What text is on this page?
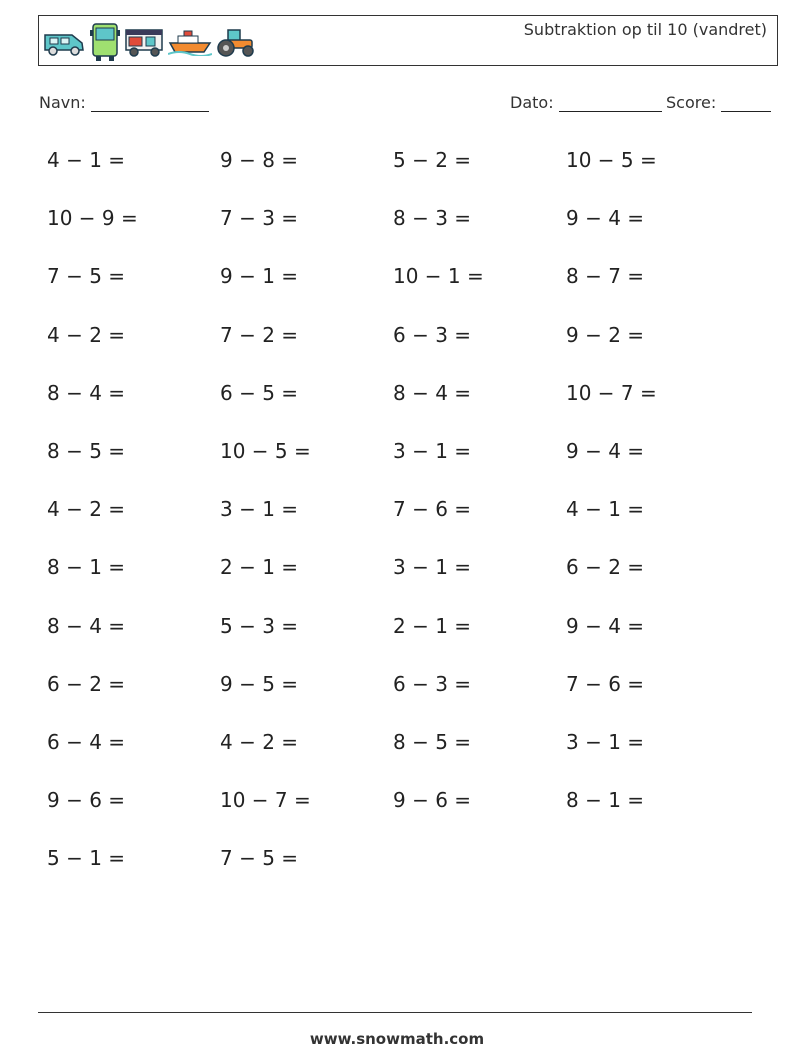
Subtraktion op til 10 (vandret)
Navn:	Dato:	Score:
4 − 1 =	9 − 8 =	5 − 2 =	10 − 5 =
10 − 9 =	7 − 3 =	8 − 3 =	9 − 4 =
7 − 5 =	9 − 1 =	10 − 1 =	8 − 7 =
4 − 2 =	7 − 2 =	6 − 3 =	9 − 2 =
8 − 4 =	6 − 5 =	8 − 4 =	10 − 7 =
8 − 5 =	10 − 5 =	3 − 1 =	9 − 4 =
4 − 2 =	3 − 1 =	7 − 6 =	4 − 1 =
8 − 1 =	2 − 1 =	3 − 1 =	6 − 2 =
8 − 4 =	5 − 3 =	2 − 1 =	9 − 4 =
6 − 2 =	9 − 5 =	6 − 3 =	7 − 6 =
6 − 4 =	4 − 2 =	8 − 5 =	3 − 1 =
9 − 6 =	10 − 7 =	9 − 6 =	8 − 1 =
5 − 1 =	7 − 5 =
www.snowmath.com
